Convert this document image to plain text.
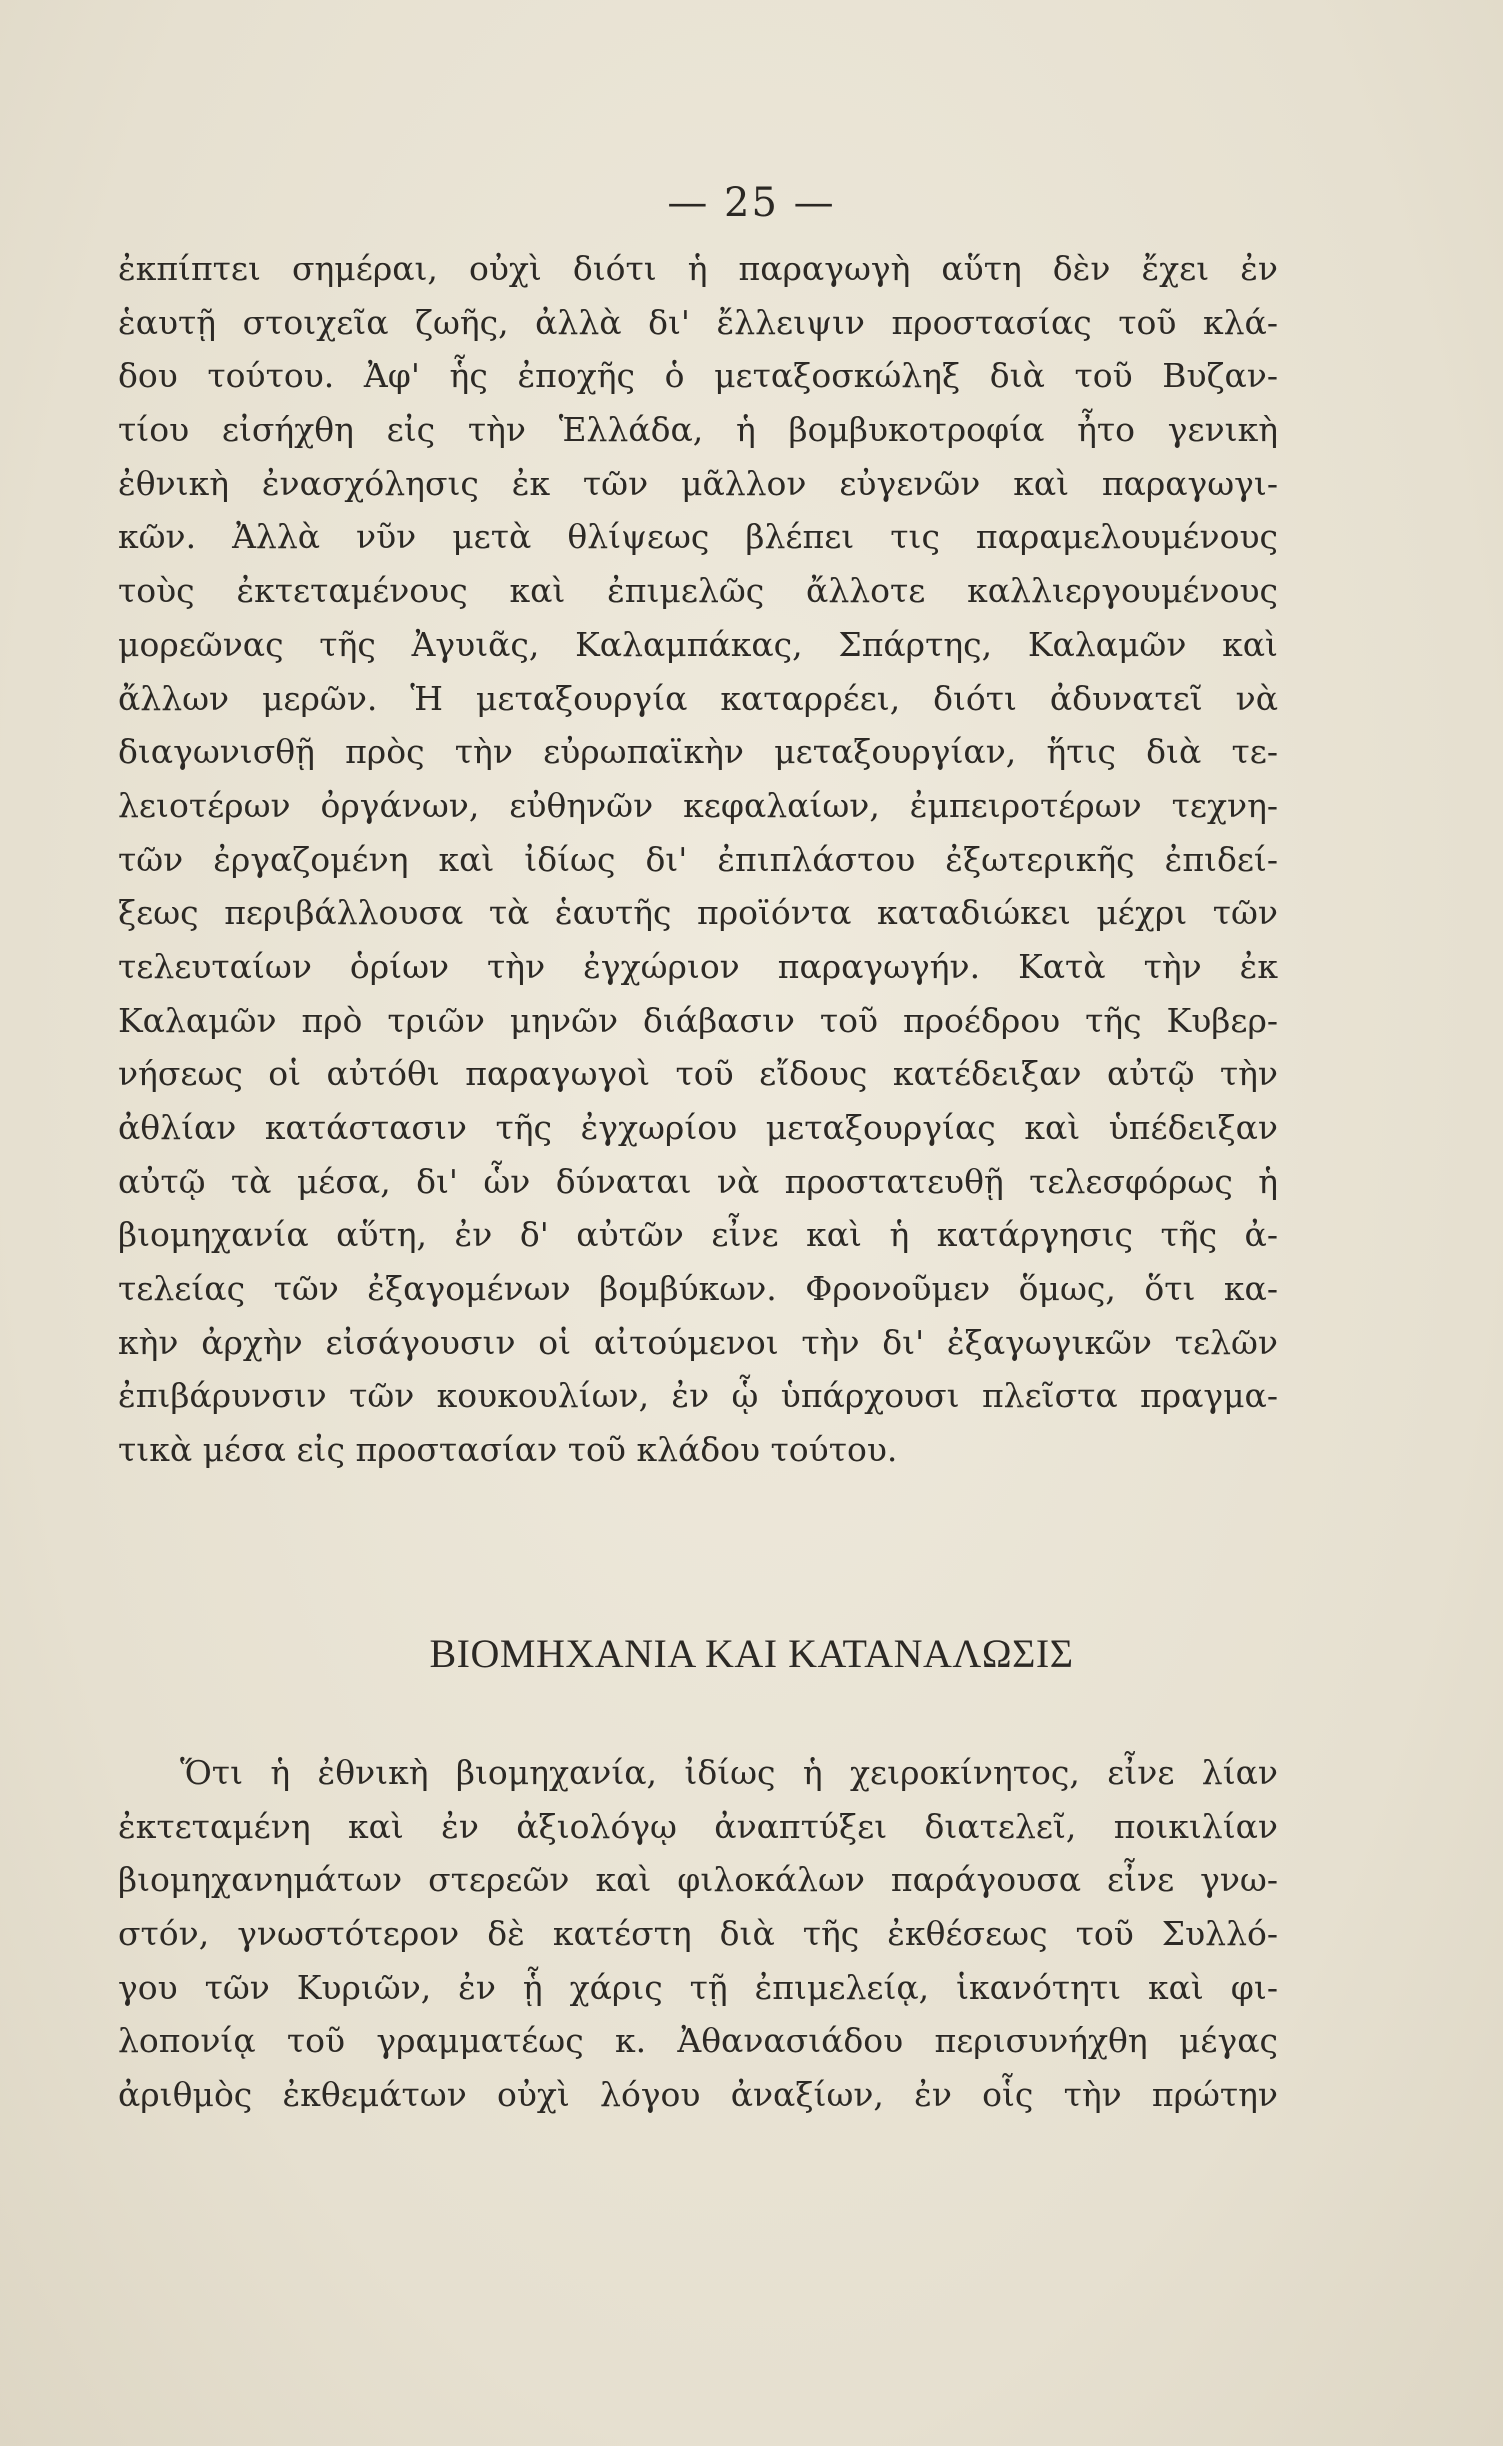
— 25 —
ἐκπίπτει σημέραι, οὐχὶ διότι ἡ παραγωγὴ αὕτη δὲν ἔχει ἐν
ἑαυτῇ στοιχεῖα ζωῆς, ἀλλὰ δι' ἔλλειψιν προστασίας τοῦ κλά-
δου τούτου. Ἀφ' ἧς ἐποχῆς ὁ μεταξοσκώληξ διὰ τοῦ Βυζαν-
τίου εἰσήχθη εἰς τὴν Ἑλλάδα, ἡ βομβυκοτροφία ἦτο γενικὴ
ἐθνικὴ ἐνασχόλησις ἐκ τῶν μᾶλλον εὐγενῶν καὶ παραγωγι-
κῶν. Ἀλλὰ νῦν μετὰ θλίψεως βλέπει τις παραμελουμένους
τοὺς ἐκτεταμένους καὶ ἐπιμελῶς ἄλλοτε καλλιεργουμένους
μορεῶνας τῆς Ἀγυιᾶς, Καλαμπάκας, Σπάρτης, Καλαμῶν καὶ
ἄλλων μερῶν. Ἡ μεταξουργία καταρρέει, διότι ἀδυνατεῖ νὰ
διαγωνισθῇ πρὸς τὴν εὐρωπαϊκὴν μεταξουργίαν, ἥτις διὰ τε-
λειοτέρων ὀργάνων, εὐθηνῶν κεφαλαίων, ἐμπειροτέρων τεχνη-
τῶν ἐργαζομένη καὶ ἰδίως δι' ἐπιπλάστου ἐξωτερικῆς ἐπιδεί-
ξεως περιβάλλουσα τὰ ἑαυτῆς προϊόντα καταδιώκει μέχρι τῶν
τελευταίων ὁρίων τὴν ἐγχώριον παραγωγήν. Κατὰ τὴν ἐκ
Καλαμῶν πρὸ τριῶν μηνῶν διάβασιν τοῦ προέδρου τῆς Κυβερ-
νήσεως οἱ αὐτόθι παραγωγοὶ τοῦ εἴδους κατέδειξαν αὐτῷ τὴν
ἀθλίαν κατάστασιν τῆς ἐγχωρίου μεταξουργίας καὶ ὑπέδειξαν
αὐτῷ τὰ μέσα, δι' ὧν δύναται νὰ προστατευθῇ τελεσφόρως ἡ
βιομηχανία αὕτη, ἐν δ' αὐτῶν εἶνε καὶ ἡ κατάργησις τῆς ἀ-
τελείας τῶν ἐξαγομένων βομβύκων. Φρονοῦμεν ὅμως, ὅτι κα-
κὴν ἀρχὴν εἰσάγουσιν οἱ αἰτούμενοι τὴν δι' ἐξαγωγικῶν τελῶν
ἐπιβάρυνσιν τῶν κουκουλίων, ἐν ᾧ ὑπάρχουσι πλεῖστα πραγμα-
τικὰ μέσα εἰς προστασίαν τοῦ κλάδου τούτου.
ΒΙΟΜΗΧΑΝΙΑ ΚΑΙ ΚΑΤΑΝΑΛΩΣΙΣ
Ὅτι ἡ ἐθνικὴ βιομηχανία, ἰδίως ἡ χειροκίνητος, εἶνε λίαν
ἐκτεταμένη καὶ ἐν ἀξιολόγῳ ἀναπτύξει διατελεῖ, ποικιλίαν
βιομηχανημάτων στερεῶν καὶ φιλοκάλων παράγουσα εἶνε γνω-
στόν, γνωστότερον δὲ κατέστη διὰ τῆς ἐκθέσεως τοῦ Συλλό-
γου τῶν Κυριῶν, ἐν ᾗ χάρις τῇ ἐπιμελείᾳ, ἱκανότητι καὶ φι-
λοπονίᾳ τοῦ γραμματέως κ. Ἀθανασιάδου περισυνήχθη μέγας
ἀριθμὸς ἐκθεμάτων οὐχὶ λόγου ἀναξίων, ἐν οἷς τὴν πρώτην
